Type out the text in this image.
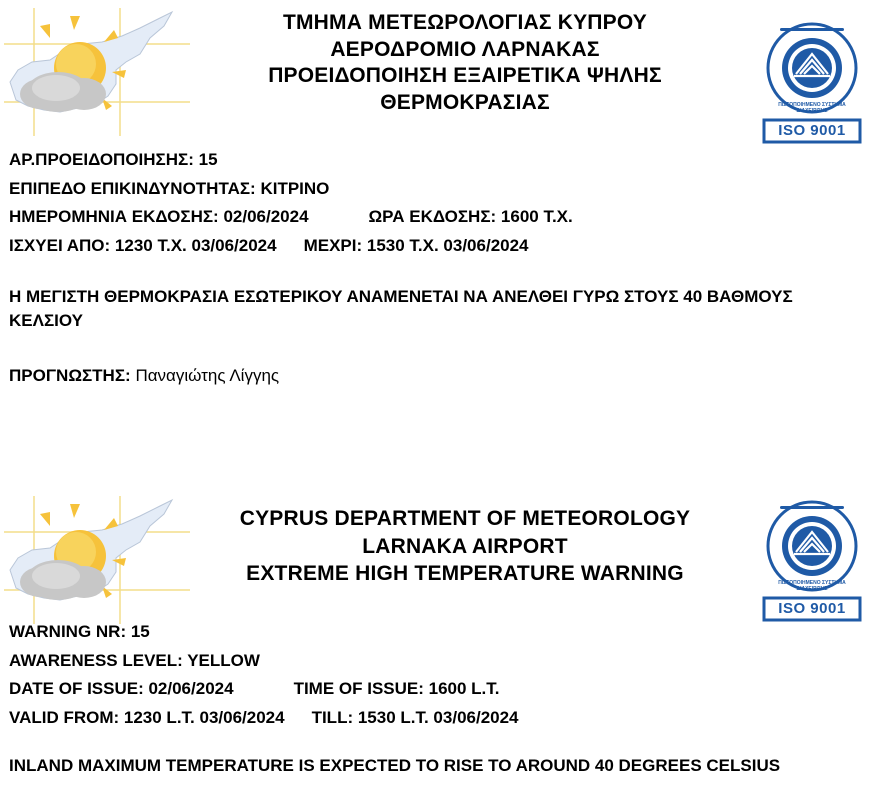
ΤΜΗΜΑ ΜΕΤΕΩΡΟΛΟΓΙΑΣ ΚΥΠΡΟΥ
ΑΕΡΟΔΡΟΜΙΟ ΛΑΡΝΑΚΑΣ
ΠΡΟΕΙΔΟΠΟΙΗΣΗ ΕΞΑΙΡΕΤΙΚΑ ΨΗΛΗΣ
ΘΕΡΜΟΚΡΑΣΙΑΣ
ISO 9001
ΠΙΣΤΟΠΟΙΗΜΕΝΟ ΣΥΣΤΗΜΑ ΔΙΑΧΕΙΡΙΣΗΣ
ΑΡ.ΠΡΟΕΙΔΟΠΟΙΗΣΗΣ: 15
ΕΠΙΠΕΔΟ ΕΠΙΚΙΝΔΥΝΟΤΗΤΑΣ: ΚΙΤΡΙΝΟ
ΗΜΕΡΟΜΗΝΙΑ ΕΚΔΟΣΗΣ: 02/06/2024	ΩΡΑ ΕΚΔΟΣΗΣ: 1600 Τ.Χ.
ΙΣΧΥΕΙ ΑΠΟ: 1230 Τ.Χ. 03/06/2024 ΜΕΧΡΙ: 1530 Τ.Χ. 03/06/2024
Η ΜΕΓΙΣΤΗ ΘΕΡΜΟΚΡΑΣΙΑ ΕΣΩΤΕΡΙΚΟΥ ΑΝΑΜΕΝΕΤΑΙ ΝΑ ΑΝΕΛΘΕΙ ΓΥΡΩ ΣΤΟΥΣ 40 ΒΑΘΜΟΥΣ ΚΕΛΣΙΟΥ
ΠΡΟΓΝΩΣΤΗΣ: Παναγιώτης Λίγγης
CYPRUS DEPARTMENT OF METEOROLOGY
LARNAKA AIRPORT
EXTREME HIGH TEMPERATURE WARNING
ISO 9001
ΠΙΣΤΟΠΟΙΗΜΕΝΟ ΣΥΣΤΗΜΑ ΔΙΑΧΕΙΡΙΣΗΣ
WARNING NR: 15
AWARENESS LEVEL: YELLOW
DATE OF ISSUE: 02/06/2024	TIME OF ISSUE: 1600 L.T.
VALID FROM: 1230 L.T. 03/06/2024 TILL: 1530 L.T. 03/06/2024
INLAND MAXIMUM TEMPERATURE IS EXPECTED TO RISE TO AROUND 40 DEGREES CELSIUS
